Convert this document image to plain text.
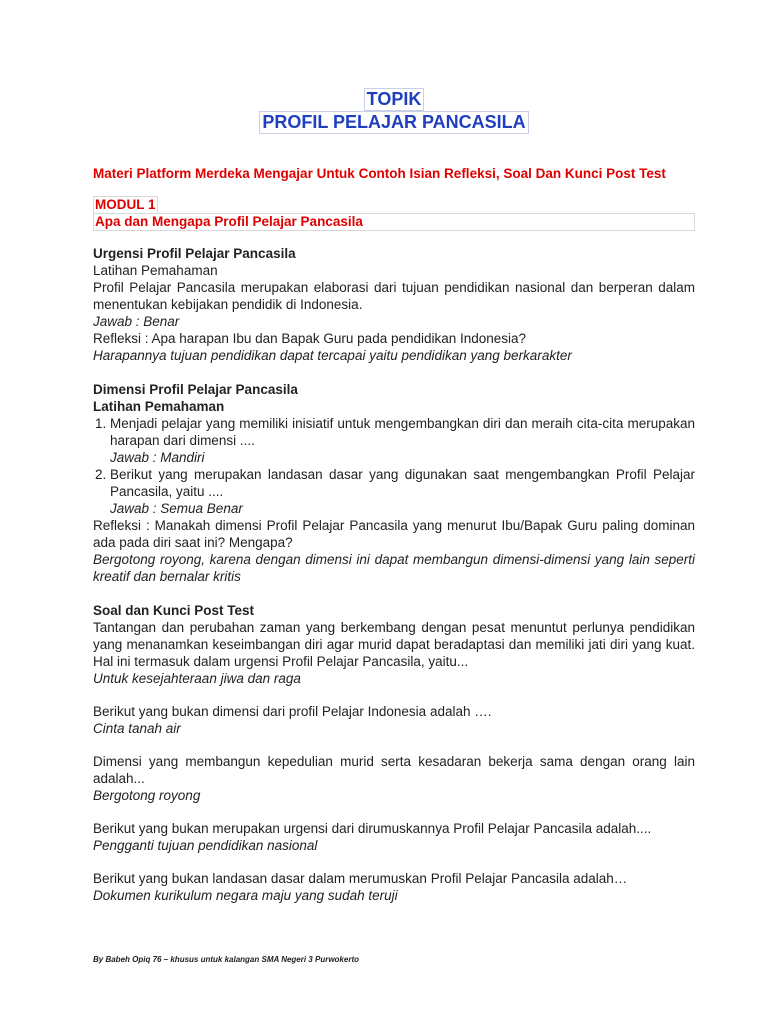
TOPIK
PROFIL PELAJAR PANCASILA
Materi Platform Merdeka Mengajar Untuk Contoh Isian Refleksi, Soal Dan Kunci Post Test
MODUL 1
Apa dan Mengapa Profil Pelajar Pancasila
Urgensi Profil Pelajar Pancasila

Latihan Pemahaman

Profil Pelajar Pancasila merupakan elaborasi dari tujuan pendidikan nasional dan berperan dalam menentukan kebijakan pendidik di Indonesia.

Jawab : Benar

Refleksi : Apa harapan Ibu dan Bapak Guru pada pendidikan Indonesia?

Harapannya tujuan pendidikan dapat tercapai yaitu pendidikan yang berkarakter

Dimensi Profil Pelajar Pancasila
Latihan Pemahaman
1. Menjadi pelajar yang memiliki inisiatif untuk mengembangkan diri dan meraih cita-cita merupakan harapan dari dimensi ....
Jawab : Mandiri
2. Berikut yang merupakan landasan dasar yang digunakan saat mengembangkan Profil Pelajar Pancasila, yaitu ....
Jawab : Semua Benar

Refleksi : Manakah dimensi Profil Pelajar Pancasila yang menurut Ibu/Bapak Guru paling dominan ada pada diri saat ini? Mengapa?

Bergotong royong, karena dengan dimensi ini dapat membangun dimensi-dimensi yang lain seperti kreatif dan bernalar kritis

Soal dan Kunci Post Test

Tantangan dan perubahan zaman yang berkembang dengan pesat menuntut perlunya pendidikan yang menanamkan keseimbangan diri agar murid dapat beradaptasi dan memiliki jati diri yang kuat. Hal ini termasuk dalam urgensi Profil Pelajar Pancasila, yaitu...

Untuk kesejahteraan jiwa dan raga

Berikut yang bukan dimensi dari profil Pelajar Indonesia adalah ….

Cinta tanah air

Dimensi yang membangun kepedulian murid serta kesadaran bekerja sama dengan orang lain adalah...

Bergotong royong

Berikut yang bukan merupakan urgensi dari dirumuskannya Profil Pelajar Pancasila adalah....

Pengganti tujuan pendidikan nasional

Berikut yang bukan landasan dasar dalam merumuskan Profil Pelajar Pancasila adalah…

Dokumen kurikulum negara maju yang sudah teruji

By Babeh Opiq 76 – khusus untuk kalangan SMA Negeri 3 Purwokerto
